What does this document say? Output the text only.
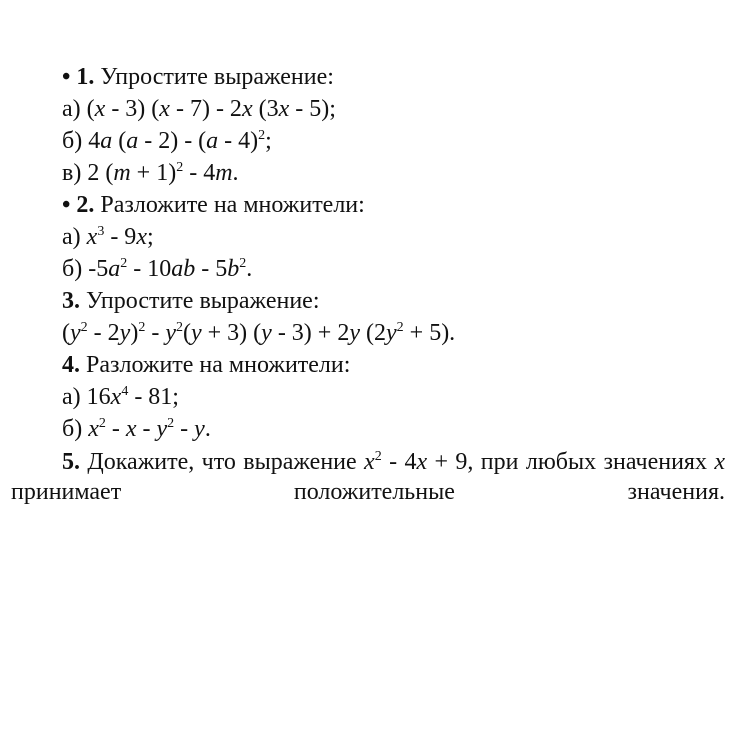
• 1. Упростите выражение:
а) (x - 3) (x - 7) - 2x (3x - 5);
б) 4a (a - 2) - (a - 4)$^2$;
в) 2 $(m + 1)^2 - 4m$.
• 2. Разложите на множители:
а) $x^3 - 9x$;
б) $-5a^2 - 10ab - 5b^2$.
3. Упростите выражение:
$(y^2 - 2y)^2 - y^2(y + 3)$ (y - 3) + 2y $(2y^2 + 5)$.
4. Разложите на множители:
а) $16x^4 - 81$;
б) $x^2$ - x - $y^2$ - y.
5. Докажите, что выражение $x^2 - 4x + 9$, при любых значениях x принимает положительные значения.
